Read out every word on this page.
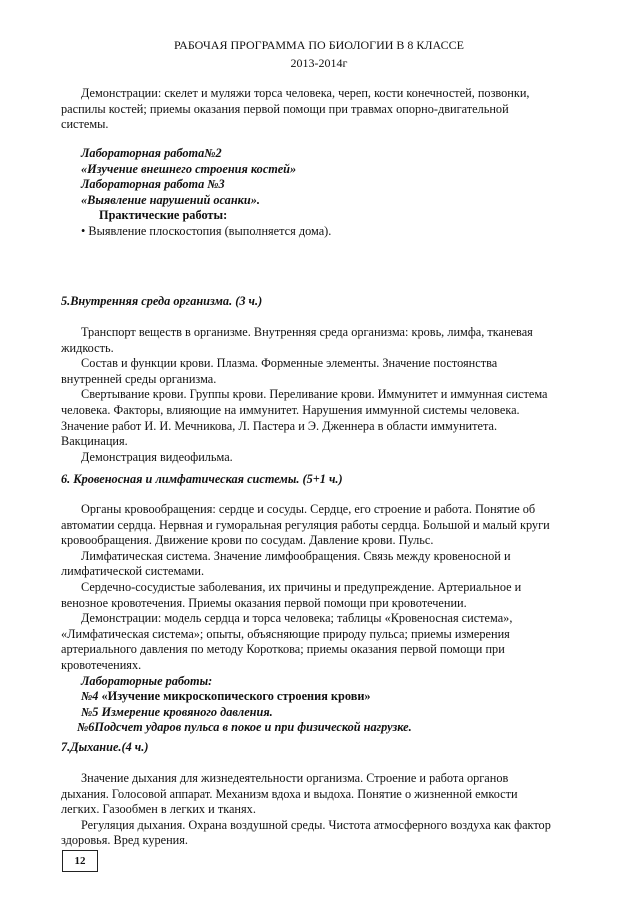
РАБОЧАЯ ПРОГРАММА ПО БИОЛОГИИ В 8 КЛАССЕ
2013-2014г

Демонстрации: скелет и муляжи торса человека, череп, кости конечностей, позвонки,

распилы костей; приемы оказания первой помощи при травмах опорно-двигательной

системы.

Лабораторная работа№2

«Изучение внешнего строения костей»

Лабораторная работа №3

«Выявление нарушений осанки».

Практические работы:

• Выявление плоскостопия (выполняется дома).

5.Внутренняя среда организма. (3 ч.)

Транспорт веществ в организме. Внутренняя среда организма: кровь, лимфа, тканевая

жидкость.

Состав и функции крови. Плазма. Форменные элементы. Значение постоянства

внутренней среды организма.

Свертывание крови. Группы крови. Переливание крови. Иммунитет и иммунная система

человека. Факторы, влияющие на иммунитет. Нарушения иммунной системы человека.

Значение работ И. И. Мечникова, Л. Пастера и Э. Дженнера в области иммунитета.

Вакцинация.

Демонстрация видеофильма.

6. Кровеносная и лимфатическая системы. (5+1 ч.)

Органы кровообращения: сердце и сосуды. Сердце, его строение и работа. Понятие об

автоматии сердца. Нервная и гуморальная регуляция работы сердца. Большой и малый круги

кровообращения. Движение крови по сосудам. Давление крови. Пульс.

Лимфатическая система. Значение лимфообращения. Связь между кровеносной и

лимфатической системами.

Сердечно-сосудистые заболевания, их причины и предупреждение. Артериальное и

венозное кровотечения. Приемы оказания первой помощи при кровотечении.

Демонстрации: модель сердца и торса человека; таблицы «Кровеносная система»,

«Лимфатическая система»; опыты, объясняющие природу пульса; приемы измерения

артериального давления по методу Короткова; приемы оказания первой помощи при

кровотечениях.

Лабораторные работы:

№4 «Изучение микроскопического строения крови»

№5 Измерение кровяного давления.

№6Подсчет ударов пульса в покое и при физической нагрузке.

7.Дыхание.(4 ч.)

Значение дыхания для жизнедеятельности организма. Строение и работа органов

дыхания. Голосовой аппарат. Механизм вдоха и выдоха. Понятие о жизненной емкости

легких. Газообмен в легких и тканях.

Регуляция дыхания. Охрана воздушной среды. Чистота атмосферного воздуха как фактор

здоровья. Вред курения.

12
